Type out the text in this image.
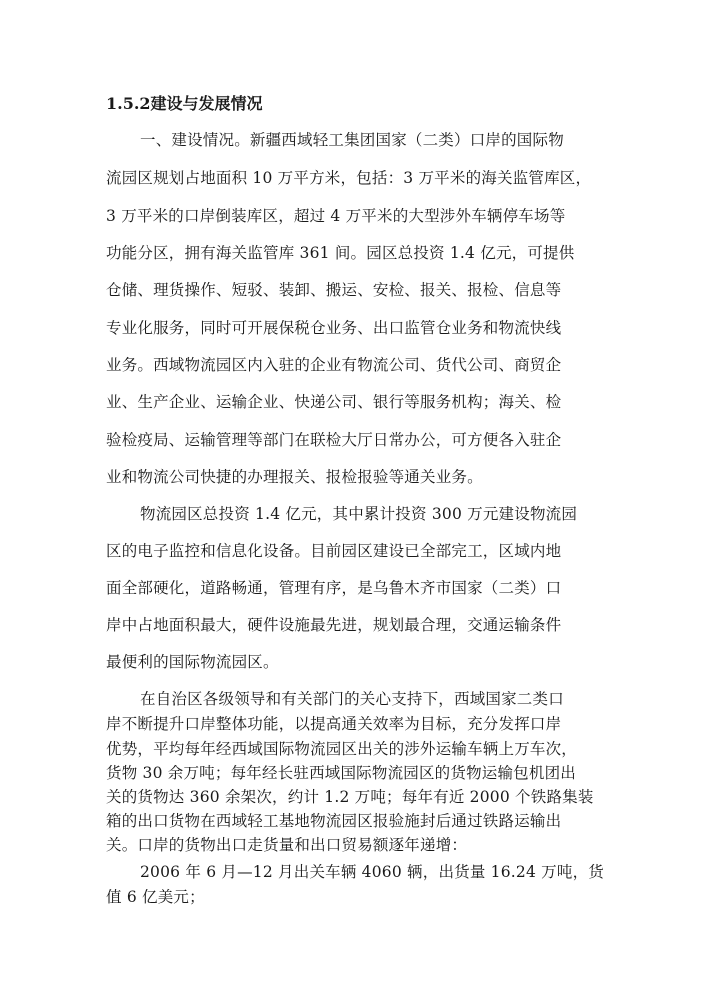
1.5.2建设与发展情况
一、建设情况。新疆西域轻工集团国家（二类）口岸的国际物
流园区规划占地面积 10 万平方米，包括：3 万平米的海关监管库区，
3 万平米的口岸倒装库区，超过 4 万平米的大型涉外车辆停车场等
功能分区，拥有海关监管库 361 间。园区总投资 1.4 亿元，可提供
仓储、理货操作、短驳、装卸、搬运、安检、报关、报检、信息等
专业化服务，同时可开展保税仓业务、出口监管仓业务和物流快线
业务。西域物流园区内入驻的企业有物流公司、货代公司、商贸企
业、生产企业、运输企业、快递公司、银行等服务机构；海关、检
验检疫局、运输管理等部门在联检大厅日常办公，可方便各入驻企
业和物流公司快捷的办理报关、报检报验等通关业务。
物流园区总投资 1.4 亿元，其中累计投资 300 万元建设物流园
区的电子监控和信息化设备。目前园区建设已全部完工，区域内地
面全部硬化，道路畅通，管理有序，是乌鲁木齐市国家（二类）口
岸中占地面积最大，硬件设施最先进，规划最合理，交通运输条件
最便利的国际物流园区。
在自治区各级领导和有关部门的关心支持下，西域国家二类口
岸不断提升口岸整体功能，以提高通关效率为目标，充分发挥口岸
优势，平均每年经西域国际物流园区出关的涉外运输车辆上万车次，
货物 30 余万吨；每年经长驻西域国际物流园区的货物运输包机团出
关的货物达 360 余架次，约计 1.2 万吨；每年有近 2000 个铁路集装
箱的出口货物在西域轻工基地物流园区报验施封后通过铁路运输出
关。口岸的货物出口走货量和出口贸易额逐年递增：
2006 年 6 月—12 月出关车辆 4060 辆，出货量 16.24 万吨，货
值 6 亿美元；
